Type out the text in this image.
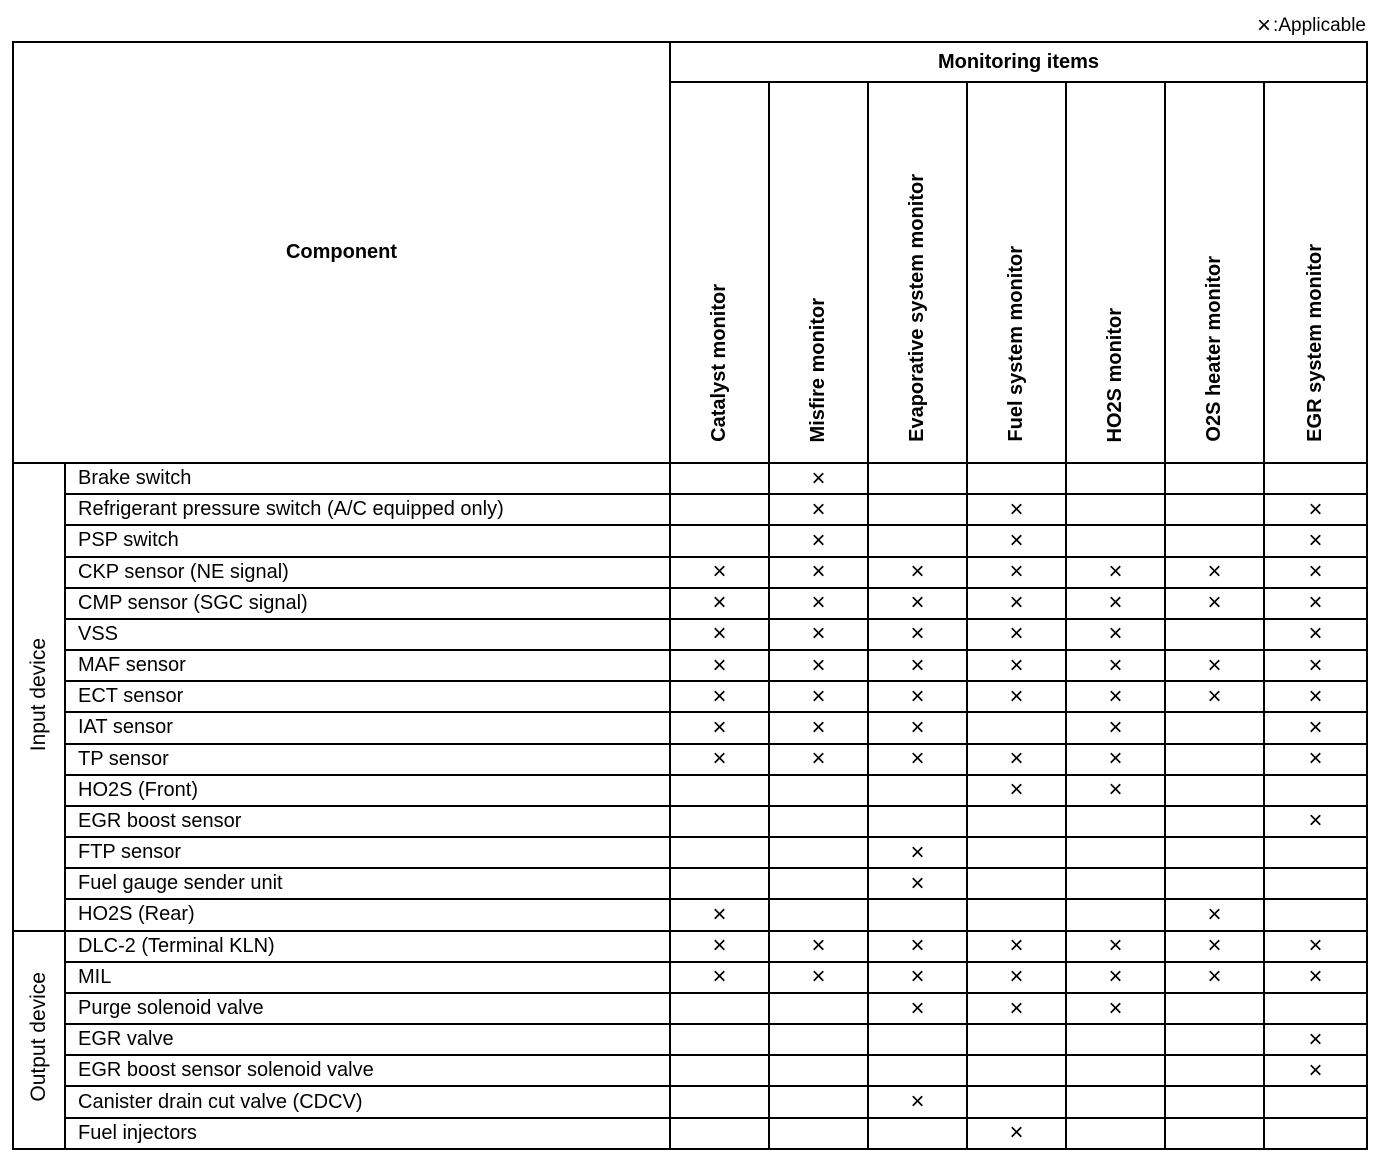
× :Applicable
Component		Monitoring items						
		Catalyst monitor	Misfire monitor	Evaporative system monitor	Fuel system monitor	HO2S monitor	O2S heater monitor	EGR system monitor
Input device	Brake switch		×					
	Refrigerant pressure switch (A/C equipped only)		×		×			×
	PSP switch		×		×			×
	CKP sensor (NE signal)	×	×	×	×	×	×	×
	CMP sensor (SGC signal)	×	×	×	×	×	×	×
	VSS	×	×	×	×	×		×
	MAF sensor	×	×	×	×	×	×	×
	ECT sensor	×	×	×	×	×	×	×
	IAT sensor	×	×	×		×		×
	TP sensor	×	×	×	×	×		×
	HO2S (Front)				×	×		
	EGR boost sensor							×
	FTP sensor			×				
	Fuel gauge sender unit			×				
	HO2S (Rear)	×					×	
Output device	DLC-2 (Terminal KLN)	×	×	×	×	×	×	×
	MIL	×	×	×	×	×	×	×
	Purge solenoid valve			×	×	×		
	EGR valve							×
	EGR boost sensor solenoid valve							×
	Canister drain cut valve (CDCV)			×				
	Fuel injectors				×			
